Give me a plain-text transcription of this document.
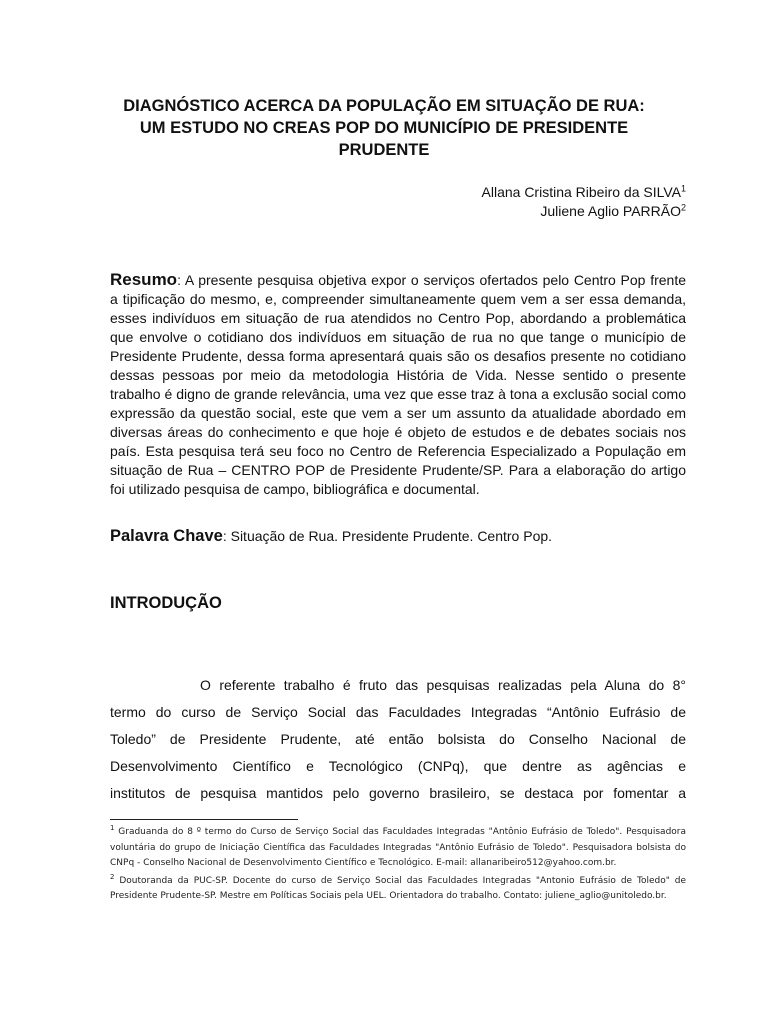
DIAGNÓSTICO ACERCA DA POPULAÇÃO EM SITUAÇÃO DE RUA:
UM ESTUDO NO CREAS POP DO MUNICÍPIO DE PRESIDENTE
PRUDENTE
Allana Cristina Ribeiro da SILVA$^1$
Juliene Aglio PARRÃO$^2$
Resumo: A presente pesquisa objetiva expor o serviços ofertados pelo Centro Pop frente a tipificação do mesmo, e, compreender simultaneamente quem vem a ser essa demanda, esses indivíduos em situação de rua atendidos no Centro Pop, abordando a problemática que envolve o cotidiano dos indivíduos em situação de rua no que tange o município de Presidente Prudente, dessa forma apresentará quais são os desafios presente no cotidiano dessas pessoas por meio da metodologia História de Vida. Nesse sentido o presente trabalho é digno de grande relevância, uma vez que esse traz à tona a exclusão social como expressão da questão social, este que vem a ser um assunto da atualidade abordado em diversas áreas do conhecimento e que hoje é objeto de estudos e de debates sociais nos país. Esta pesquisa terá seu foco no Centro de Referencia Especializado a População em situação de Rua – CENTRO POP de Presidente Prudente/SP. Para a elaboração do artigo foi utilizado pesquisa de campo, bibliográfica e documental.
Palavra Chave: Situação de Rua. Presidente Prudente. Centro Pop.
INTRODUÇÃO
O referente trabalho é fruto das pesquisas realizadas pela Aluna do 8°
termo do curso de Serviço Social das Faculdades Integradas “Antônio Eufrásio de
Toledo” de Presidente Prudente, até então bolsista do Conselho Nacional de
Desenvolvimento Científico e Tecnológico (CNPq), que dentre as agências e
institutos de pesquisa mantidos pelo governo brasileiro, se destaca por fomentar a
$^1$ Graduanda do 8 º termo do Curso de Serviço Social das Faculdades Integradas "Antônio Eufrásio de Toledo". Pesquisadora voluntária do grupo de Iniciação Científica das Faculdades Integradas "Antônio Eufrásio de Toledo". Pesquisadora bolsista do CNPq - Conselho Nacional de Desenvolvimento Científico e Tecnológico. E-mail: allanaribeiro512@yahoo.com.br.
$^2$ Doutoranda da PUC-SP. Docente do curso de Serviço Social das Faculdades Integradas "Antonio Eufrásio de Toledo" de Presidente Prudente-SP. Mestre em Políticas Sociais pela UEL. Orientadora do trabalho. Contato: juliene_aglio@unitoledo.br.
